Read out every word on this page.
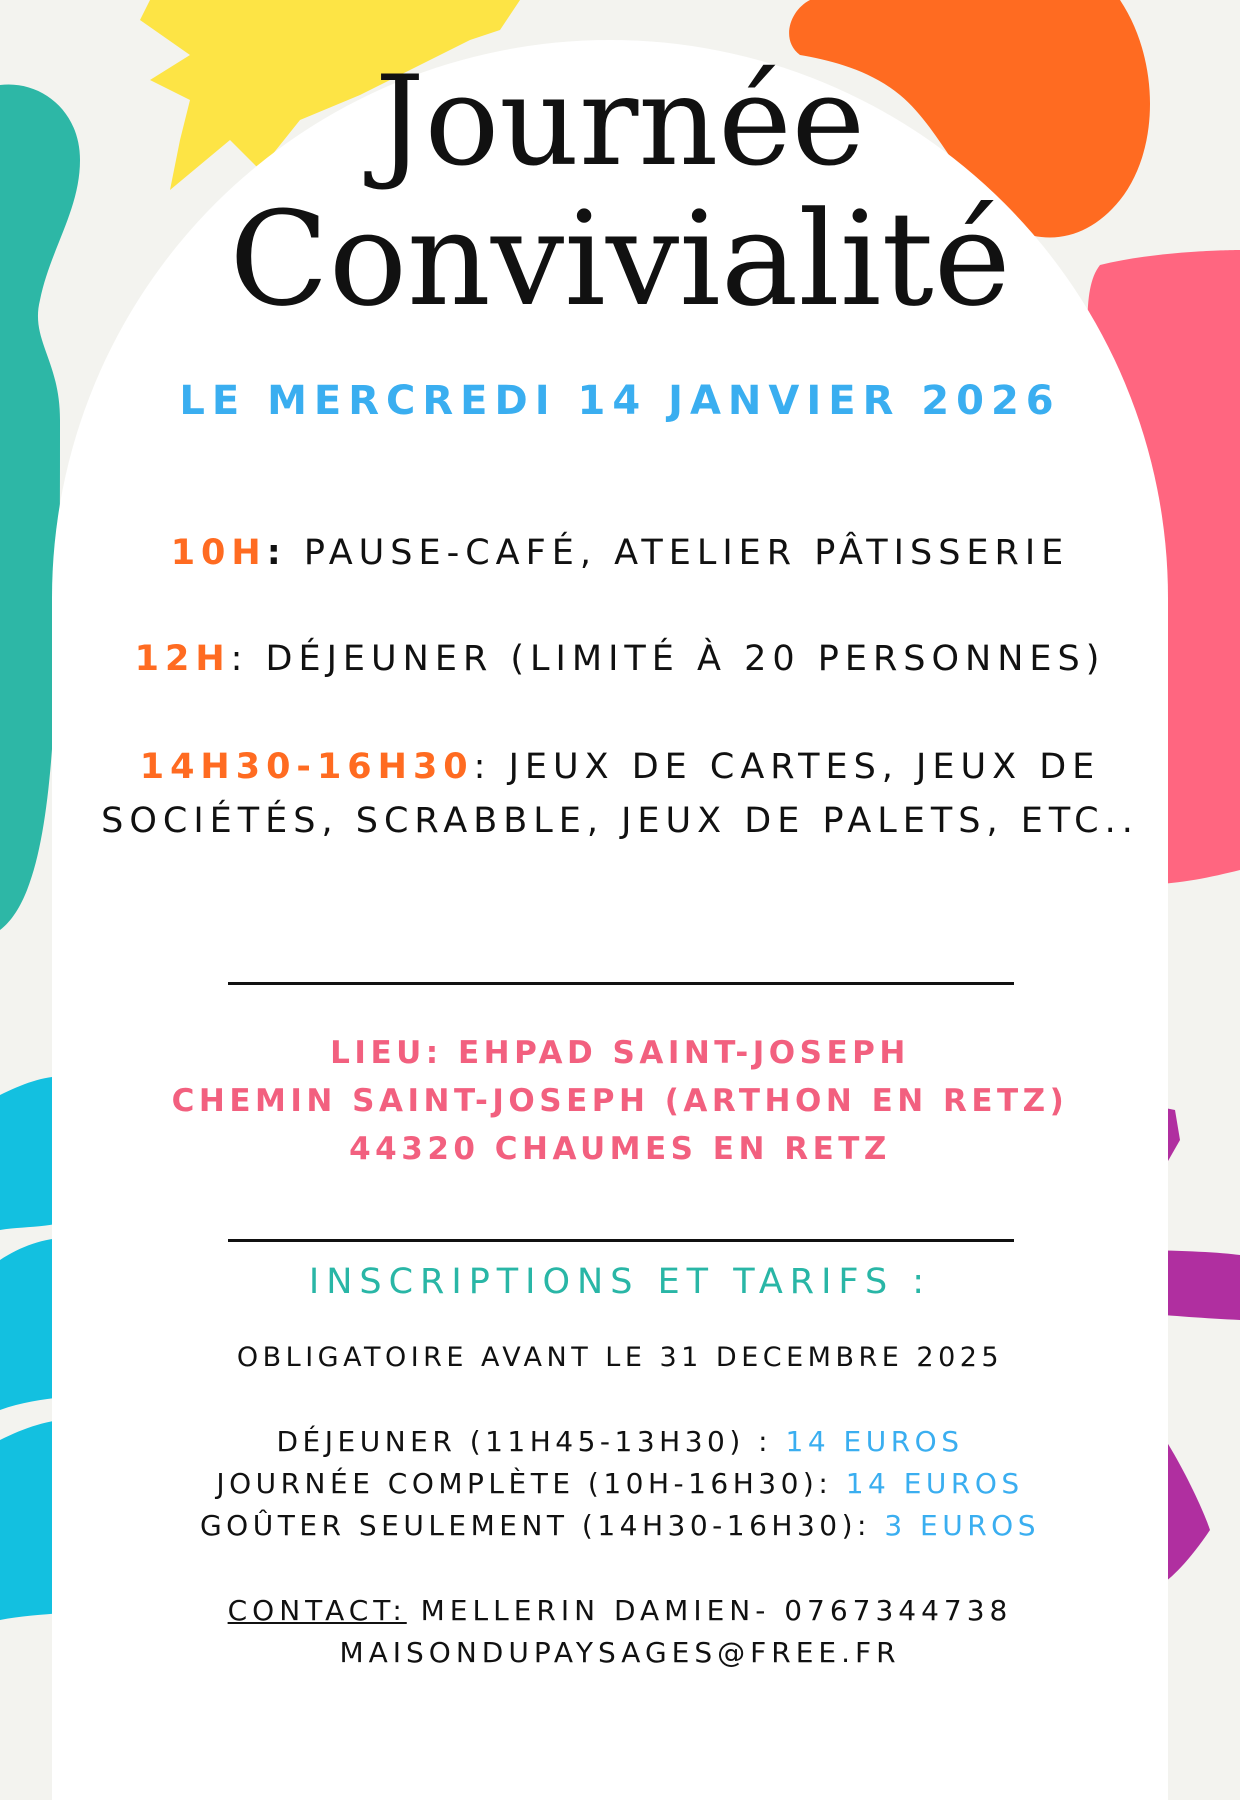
Journée
Convivialité
LE MERCREDI 14 JANVIER 2026
10H: PAUSE-CAFÉ, ATELIER PÂTISSERIE
12H: DÉJEUNER (LIMITÉ À 20 PERSONNES)
14H30-16H30: JEUX DE CARTES, JEUX DE SOCIÉTÉS, SCRABBLE, JEUX DE PALETS, ETC..
LIEU: EHPAD SAINT-JOSEPH
CHEMIN SAINT-JOSEPH (ARTHON EN RETZ)
44320 CHAUMES EN RETZ
INSCRIPTIONS ET TARIFS :
OBLIGATOIRE AVANT LE 31 DECEMBRE 2025
DÉJEUNER (11H45-13H30) : 14 EUROS
JOURNÉE COMPLÈTE (10H-16H30): 14 EUROS
GOÛTER SEULEMENT (14H30-16H30): 3 EUROS
CONTACT: MELLERIN DAMIEN- 0767344738
MAISONDUPAYSAGES@FREE.FR
